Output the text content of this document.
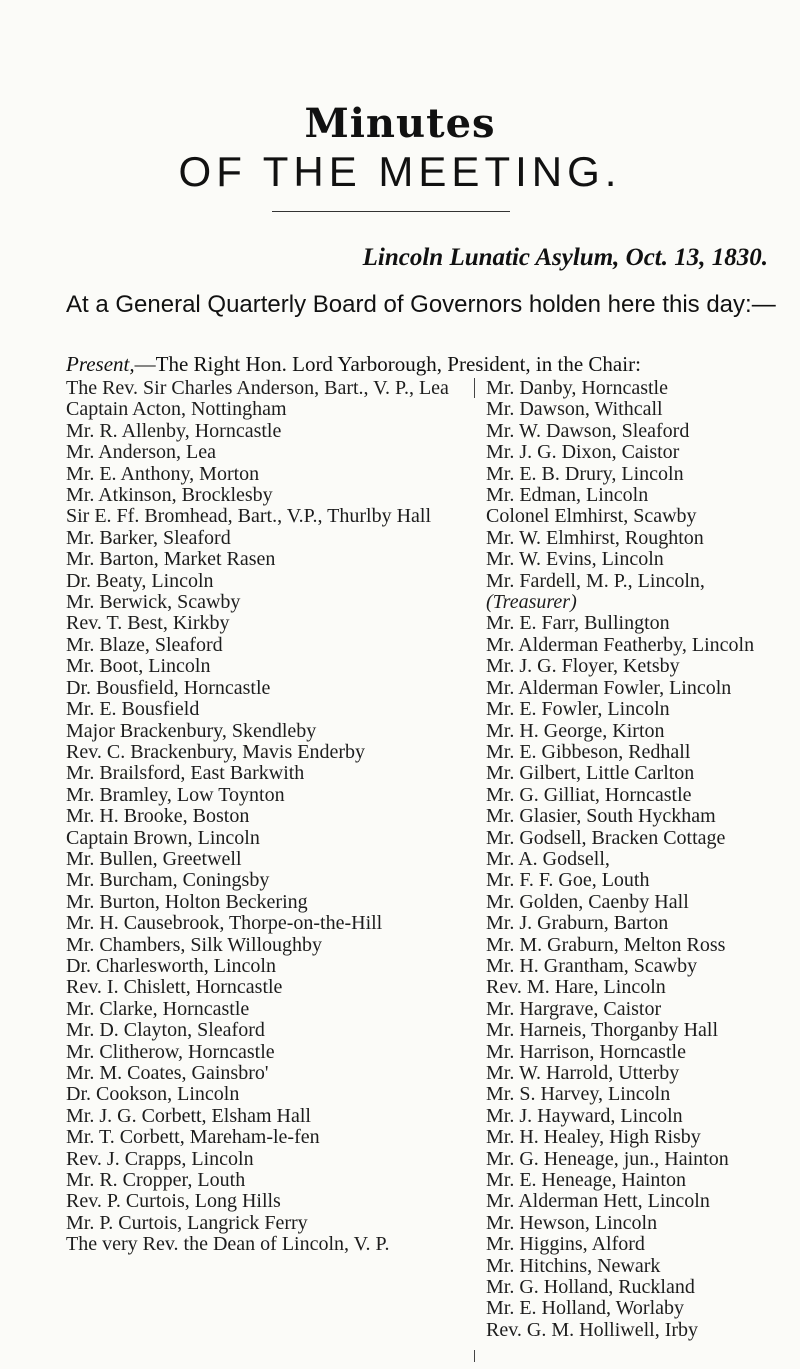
Minutes
OF THE MEETING.
Lincoln Lunatic Asylum, Oct. 13, 1830.
At a General Quarterly Board of Governors holden here this day:—
Present,—The Right Hon. Lord Yarborough, President, in the Chair:
The Rev. Sir Charles Anderson, Bart., V. P., Lea
Captain Acton, Nottingham
Mr. R. Allenby, Horncastle
Mr. Anderson, Lea
Mr. E. Anthony, Morton
Mr. Atkinson, Brocklesby
Sir E. Ff. Bromhead, Bart., V.P., Thurlby Hall
Mr. Barker, Sleaford
Mr. Barton, Market Rasen
Dr. Beaty, Lincoln
Mr. Berwick, Scawby
Rev. T. Best, Kirkby
Mr. Blaze, Sleaford
Mr. Boot, Lincoln
Dr. Bousfield, Horncastle
Mr. E. Bousfield
Major Brackenbury, Skendleby
Rev. C. Brackenbury, Mavis Enderby
Mr. Brailsford, East Barkwith
Mr. Bramley, Low Toynton
Mr. H. Brooke, Boston
Captain Brown, Lincoln
Mr. Bullen, Greetwell
Mr. Burcham, Coningsby
Mr. Burton, Holton Beckering
Mr. H. Causebrook, Thorpe-on-the-Hill
Mr. Chambers, Silk Willoughby
Dr. Charlesworth, Lincoln
Rev. I. Chislett, Horncastle
Mr. Clarke, Horncastle
Mr. D. Clayton, Sleaford
Mr. Clitherow, Horncastle
Mr. M. Coates, Gainsbro'
Dr. Cookson, Lincoln
Mr. J. G. Corbett, Elsham Hall
Mr. T. Corbett, Mareham-le-fen
Rev. J. Crapps, Lincoln
Mr. R. Cropper, Louth
Rev. P. Curtois, Long Hills
Mr. P. Curtois, Langrick Ferry
The very Rev. the Dean of Lincoln, V. P.
Mr. Danby, Horncastle
Mr. Dawson, Withcall
Mr. W. Dawson, Sleaford
Mr. J. G. Dixon, Caistor
Mr. E. B. Drury, Lincoln
Mr. Edman, Lincoln
Colonel Elmhirst, Scawby
Mr. W. Elmhirst, Roughton
Mr. W. Evins, Lincoln
Mr. Fardell, M. P., Lincoln,
(Treasurer)
Mr. E. Farr, Bullington
Mr. Alderman Featherby, Lincoln
Mr. J. G. Floyer, Ketsby
Mr. Alderman Fowler, Lincoln
Mr. E. Fowler, Lincoln
Mr. H. George, Kirton
Mr. E. Gibbeson, Redhall
Mr. Gilbert, Little Carlton
Mr. G. Gilliat, Horncastle
Mr. Glasier, South Hyckham
Mr. Godsell, Bracken Cottage
Mr. A. Godsell,
Mr. F. F. Goe, Louth
Mr. Golden, Caenby Hall
Mr. J. Graburn, Barton
Mr. M. Graburn, Melton Ross
Mr. H. Grantham, Scawby
Rev. M. Hare, Lincoln
Mr. Hargrave, Caistor
Mr. Harneis, Thorganby Hall
Mr. Harrison, Horncastle
Mr. W. Harrold, Utterby
Mr. S. Harvey, Lincoln
Mr. J. Hayward, Lincoln
Mr. H. Healey, High Risby
Mr. G. Heneage, jun., Hainton
Mr. E. Heneage, Hainton
Mr. Alderman Hett, Lincoln
Mr. Hewson, Lincoln
Mr. Higgins, Alford
Mr. Hitchins, Newark
Mr. G. Holland, Ruckland
Mr. E. Holland, Worlaby
Rev. G. M. Holliwell, Irby
